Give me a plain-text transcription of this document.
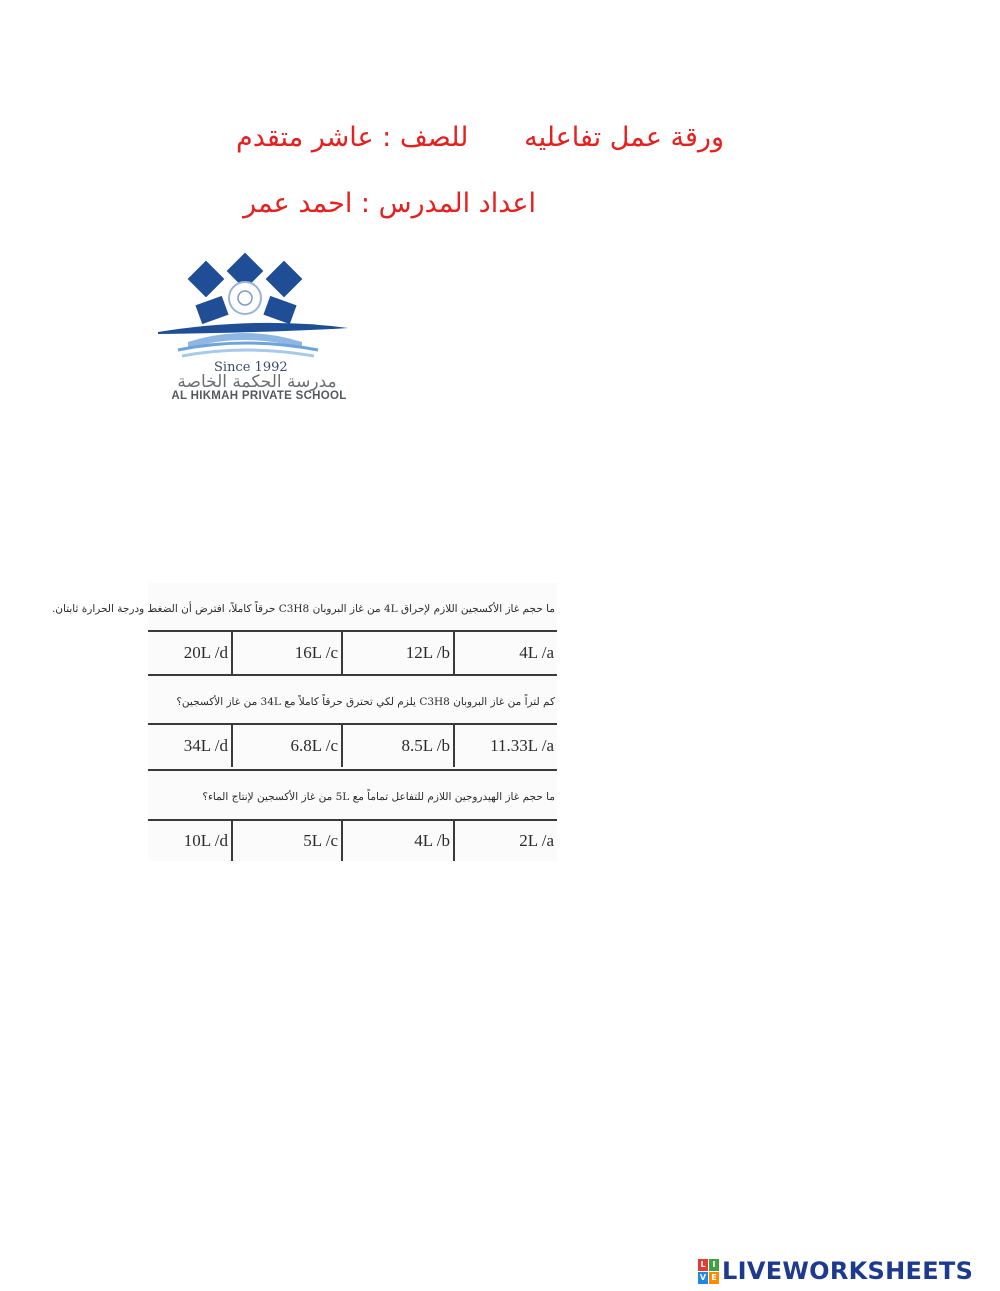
ورقة عمل تفاعليه
للصف : عاشر متقدم
اعداد المدرس : احمد عمر
Since 1992
مدرسة الحكمة الخاصة
AL HIKMAH PRIVATE SCHOOL
ما حجم غاز الأكسجين اللازم لإحراق 4L من غاز البروبان C3H8 حرقاً كاملاً، افترض أن الضغط ودرجة الحرارة ثابتان.
4L /a
12L /b
16L /c
20L /d
كم لتراً من غاز البروبان C3H8 يلزم لكي تحترق حرقاً كاملاً مع 34L من غاز الأكسجين؟
11.33L /a
8.5L /b
6.8L /c
34L /d
ما حجم غاز الهيدروجين اللازم للتفاعل تماماً مع 5L من غاز الأكسجين لإنتاج الماء؟
2L /a
4L /b
5L /c
10L /d
L I
V E LIVEWORKSHEETS
